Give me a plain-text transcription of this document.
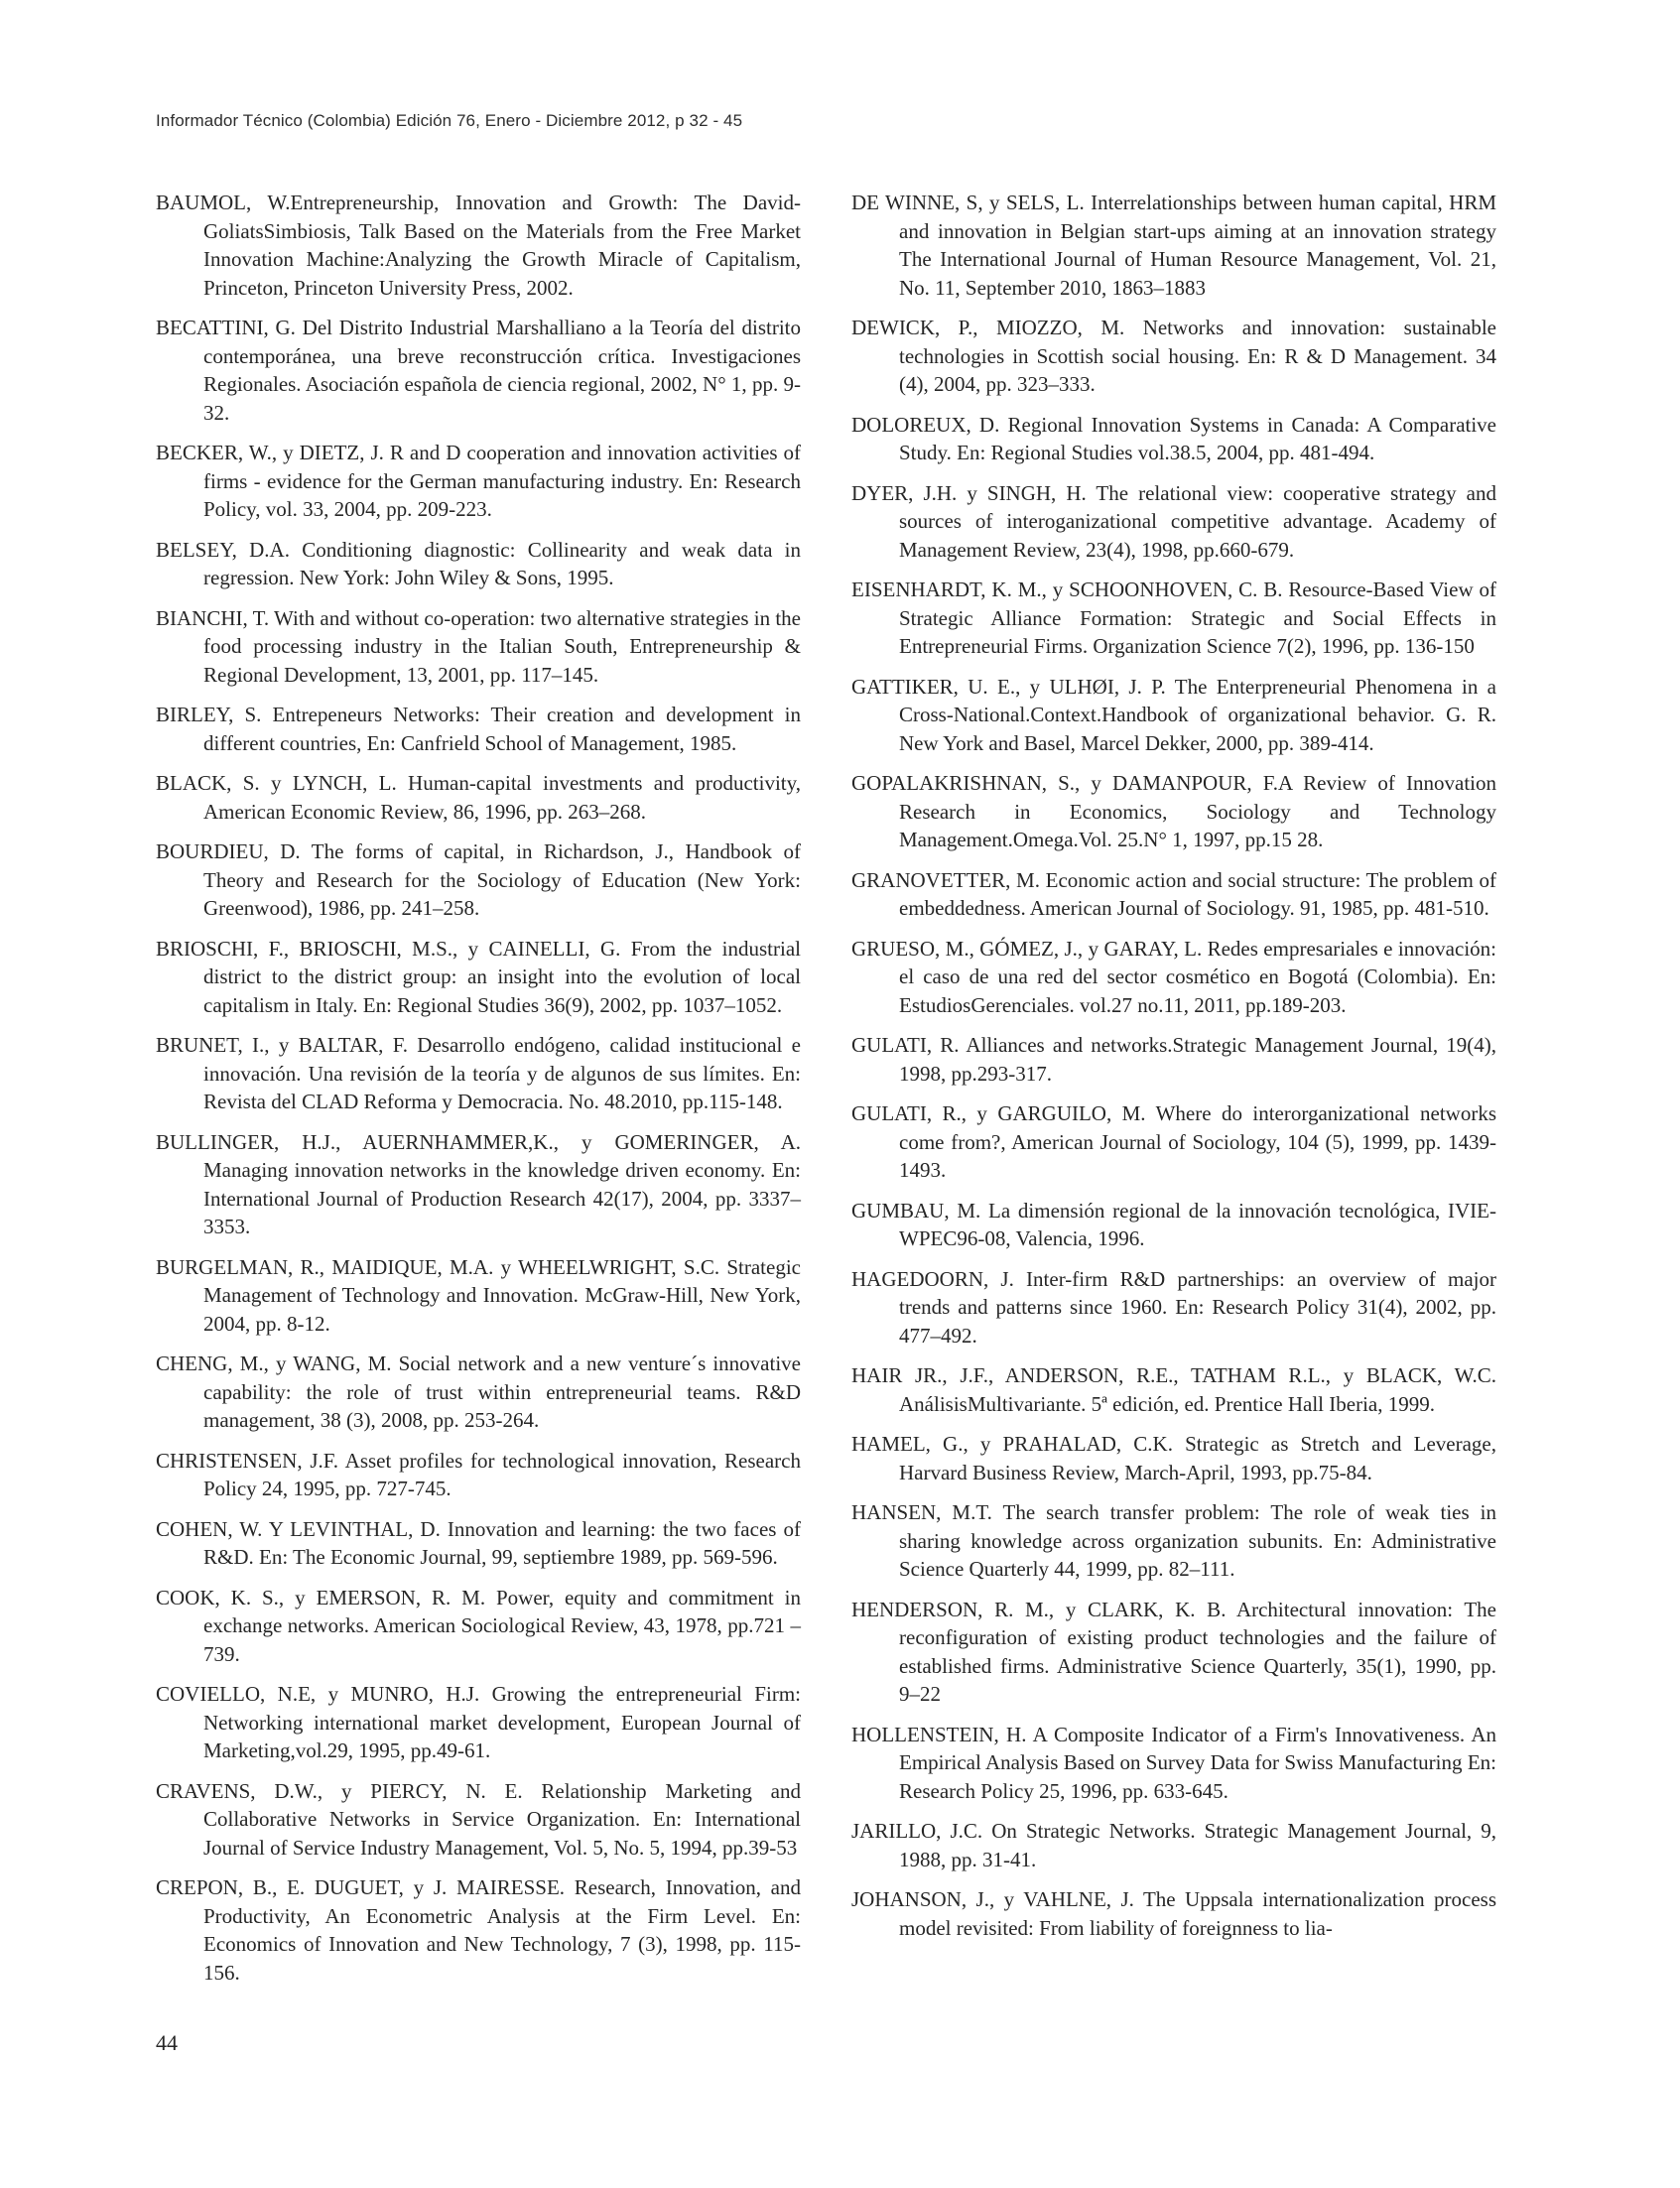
Informador Técnico (Colombia) Edición 76, Enero - Diciembre 2012, p 32 - 45

BAUMOL, W.Entrepreneurship, Innovation and Growth: The David-GoliatsSimbiosis, Talk Based on the Materials from the Free Market Innovation Machine:Analyzing the Growth Miracle of Capitalism, Princeton, Princeton University Press, 2002.

BECATTINI, G. Del Distrito Industrial Marshalliano a la Teoría del distrito contemporánea, una breve reconstrucción crítica. Investigaciones Regionales. Asociación española de ciencia regional, 2002, N° 1, pp. 9-32.

BECKER, W., y DIETZ, J. R and D cooperation and innovation activities of firms - evidence for the German manufacturing industry. En: Research Policy, vol. 33, 2004, pp. 209-223.

BELSEY, D.A. Conditioning diagnostic: Collinearity and weak data in regression. New York: John Wiley & Sons, 1995.

BIANCHI, T. With and without co-operation: two alternative strategies in the food processing industry in the Italian South, Entrepreneurship & Regional Development, 13, 2001, pp. 117–145.

BIRLEY, S. Entrepeneurs Networks: Their creation and development in different countries, En: Canfrield School of Management, 1985.

BLACK, S. y LYNCH, L. Human-capital investments and productivity, American Economic Review, 86, 1996, pp. 263–268.

BOURDIEU, D. The forms of capital, in Richardson, J., Handbook of Theory and Research for the Sociology of Education (New York: Greenwood), 1986, pp. 241–258.

BRIOSCHI, F., BRIOSCHI, M.S., y CAINELLI, G. From the industrial district to the district group: an insight into the evolution of local capitalism in Italy. En: Regional Studies 36(9), 2002, pp. 1037–1052.

BRUNET, I., y BALTAR, F. Desarrollo endógeno, calidad institucional e innovación. Una revisión de la teoría y de algunos de sus límites. En: Revista del CLAD Reforma y Democracia. No. 48.2010, pp.115-148.

BULLINGER, H.J., AUERNHAMMER,K., y GOMERINGER, A. Managing innovation networks in the knowledge driven economy. En: International Journal of Production Research 42(17), 2004, pp. 3337–3353.

BURGELMAN, R., MAIDIQUE, M.A. y WHEELWRIGHT, S.C. Strategic Management of Technology and Innovation. McGraw-Hill, New York, 2004, pp. 8-12.

CHENG, M., y WANG, M. Social network and a new venture´s innovative capability: the role of trust within entrepreneurial teams. R&D management, 38 (3), 2008, pp. 253-264.

CHRISTENSEN, J.F. Asset profiles for technological innovation, Research Policy 24, 1995, pp. 727-745.

COHEN, W. Y LEVINTHAL, D. Innovation and learning: the two faces of R&D. En: The Economic Journal, 99, septiembre 1989, pp. 569-596.

COOK, K. S., y EMERSON, R. M. Power, equity and commitment in exchange networks. American Sociological Review, 43, 1978, pp.721 – 739.

COVIELLO, N.E, y MUNRO, H.J. Growing the entrepreneurial Firm: Networking international market development, European Journal of Marketing,vol.29, 1995, pp.49-61.

CRAVENS, D.W., y PIERCY, N. E. Relationship Marketing and Collaborative Networks in Service Organization. En: International Journal of Service Industry Management, Vol. 5, No. 5, 1994, pp.39-53

CREPON, B., E. DUGUET, y J. MAIRESSE. Research, Innovation, and Productivity, An Econometric Analysis at the Firm Level. En: Economics of Innovation and New Technology, 7 (3), 1998, pp. 115-156.

DE WINNE, S, y SELS, L. Interrelationships between human capital, HRM and innovation in Belgian start-ups aiming at an innovation strategy The International Journal of Human Resource Management, Vol. 21, No. 11, September 2010, 1863–1883

DEWICK, P., MIOZZO, M. Networks and innovation: sustainable technologies in Scottish social housing. En: R & D Management. 34 (4), 2004, pp. 323–333.

DOLOREUX, D. Regional Innovation Systems in Canada: A Comparative Study. En: Regional Studies vol.38.5, 2004, pp. 481-494.

DYER, J.H. y SINGH, H. The relational view: cooperative strategy and sources of interoganizational competitive advantage. Academy of Management Review, 23(4), 1998, pp.660-679.

EISENHARDT, K. M., y SCHOONHOVEN, C. B. Resource-Based View of Strategic Alliance Formation: Strategic and Social Effects in Entrepreneurial Firms. Organization Science 7(2), 1996, pp. 136-150

GATTIKER, U. E., y ULHØI, J. P. The Enterpreneurial Phenomena in a Cross-National.Context.Handbook of organizational behavior. G. R. New York and Basel, Marcel Dekker, 2000, pp. 389-414.

GOPALAKRISHNAN, S., y DAMANPOUR, F.A Review of Innovation Research in Economics, Sociology and Technology Management.Omega.Vol. 25.N° 1, 1997, pp.15 28.

GRANOVETTER, M. Economic action and social structure: The problem of embeddedness. American Journal of Sociology. 91, 1985, pp. 481-510.

GRUESO, M., GÓMEZ, J., y GARAY, L. Redes empresariales e innovación: el caso de una red del sector cosmético en Bogotá (Colombia). En: EstudiosGerenciales. vol.27 no.11, 2011, pp.189-203.

GULATI, R. Alliances and networks.Strategic Management Journal, 19(4), 1998, pp.293-317.

GULATI, R., y GARGUILO, M. Where do interorganizational networks come from?, American Journal of Sociology, 104 (5), 1999, pp. 1439-1493.

GUMBAU, M. La dimensión regional de la innovación tecnológica, IVIE-WPEC96-08, Valencia, 1996.

HAGEDOORN, J. Inter-firm R&D partnerships: an overview of major trends and patterns since 1960. En: Research Policy 31(4), 2002, pp. 477–492.

HAIR JR., J.F., ANDERSON, R.E., TATHAM R.L., y BLACK, W.C. AnálisisMultivariante. 5ª edición, ed. Prentice Hall Iberia, 1999.

HAMEL, G., y PRAHALAD, C.K. Strategic as Stretch and Leverage, Harvard Business Review, March-April, 1993, pp.75-84.

HANSEN, M.T. The search transfer problem: The role of weak ties in sharing knowledge across organization subunits. En: Administrative Science Quarterly 44, 1999, pp. 82–111.

HENDERSON, R. M., y CLARK, K. B. Architectural innovation: The reconfiguration of existing product technologies and the failure of established firms. Administrative Science Quarterly, 35(1), 1990, pp. 9–22

HOLLENSTEIN, H. A Composite Indicator of a Firm's Innovativeness. An Empirical Analysis Based on Survey Data for Swiss Manufacturing En: Research Policy 25, 1996, pp. 633-645.

JARILLO, J.C. On Strategic Networks. Strategic Management Journal, 9, 1988, pp. 31-41.

JOHANSON, J., y VAHLNE, J. The Uppsala internationalization process model revisited: From liability of foreignness to lia-

44
